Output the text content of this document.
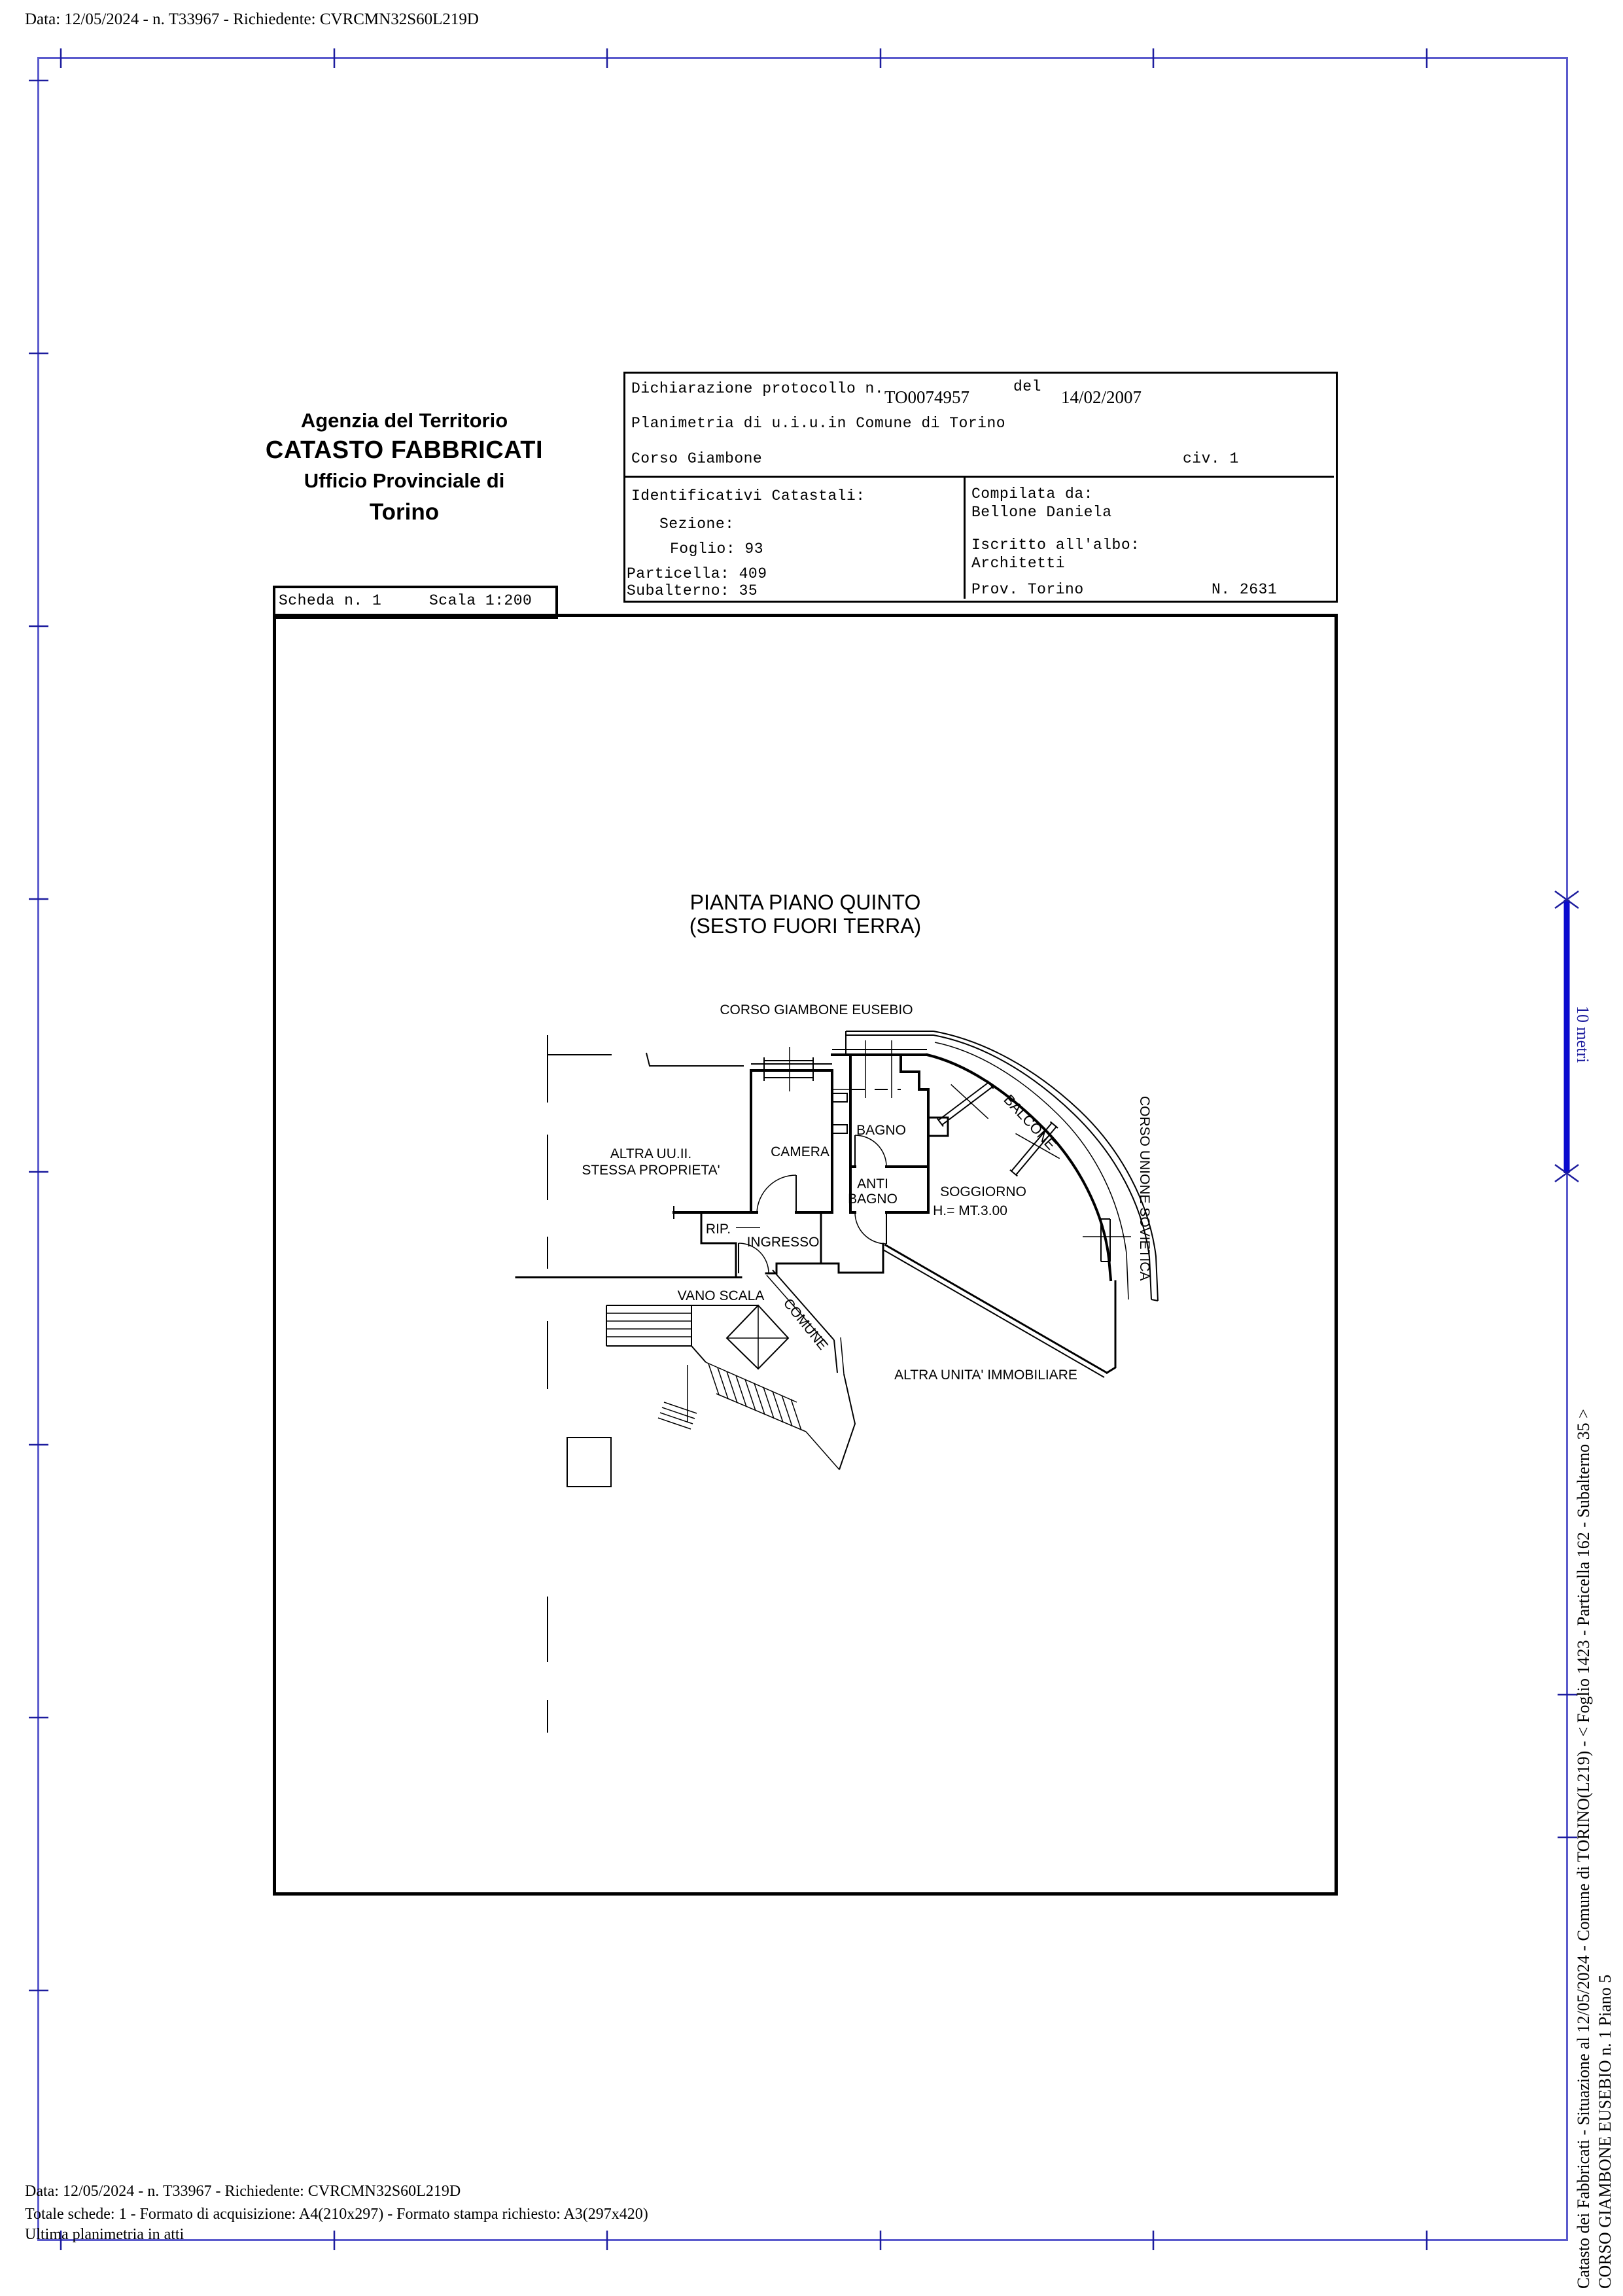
Data: 12/05/2024 - n. T33967 - Richiedente: CVRCMN32S60L219D
Agenzia del Territorio
CATASTO FABBRICATI
Ufficio Provinciale di
Torino
Dichiarazione protocollo n. TO0074957
del
14/02/2007
Planimetria di u.i.u.in Comune di Torino
Corso Giambone	civ. 1
Identificativi Catastali:
Sezione:
Foglio: 93
Particella: 409
Subalterno: 35
Compilata da:
Bellone Daniela
Iscritto all'albo:
Architetti
Prov. Torino	N. 2631
Scheda n. 1	Scala 1:200
PIANTA PIANO QUINTO
(SESTO FUORI TERRA)
CORSO GIAMBONE EUSEBIO
ALTRA UU.II.
STESSA PROPRIETA'
CAMERA
BAGNO
ANTI
BAGNO	SOGGIORNO
H.= MT.3.00
RIP.
INGRESSO
VANO SCALA COMUNE
BALCONE	CORSO UNIONE SOVIETICA
ALTRA UNITA' IMMOBILIARE
10 metri
Catasto dei Fabbricati - Situazione al 12/05/2024 - Comune di TORINO(L219) - < Foglio 1423 - Particella 162 - Subalterno 35 > CORSO GIAMBONE EUSEBIO n. 1 Piano 5
Data: 12/05/2024 - n. T33967 - Richiedente: CVRCMN32S60L219D
Totale schede: 1 - Formato di acquisizione: A4(210x297) - Formato stampa richiesto: A3(297x420)
Ultima planimetria in atti
